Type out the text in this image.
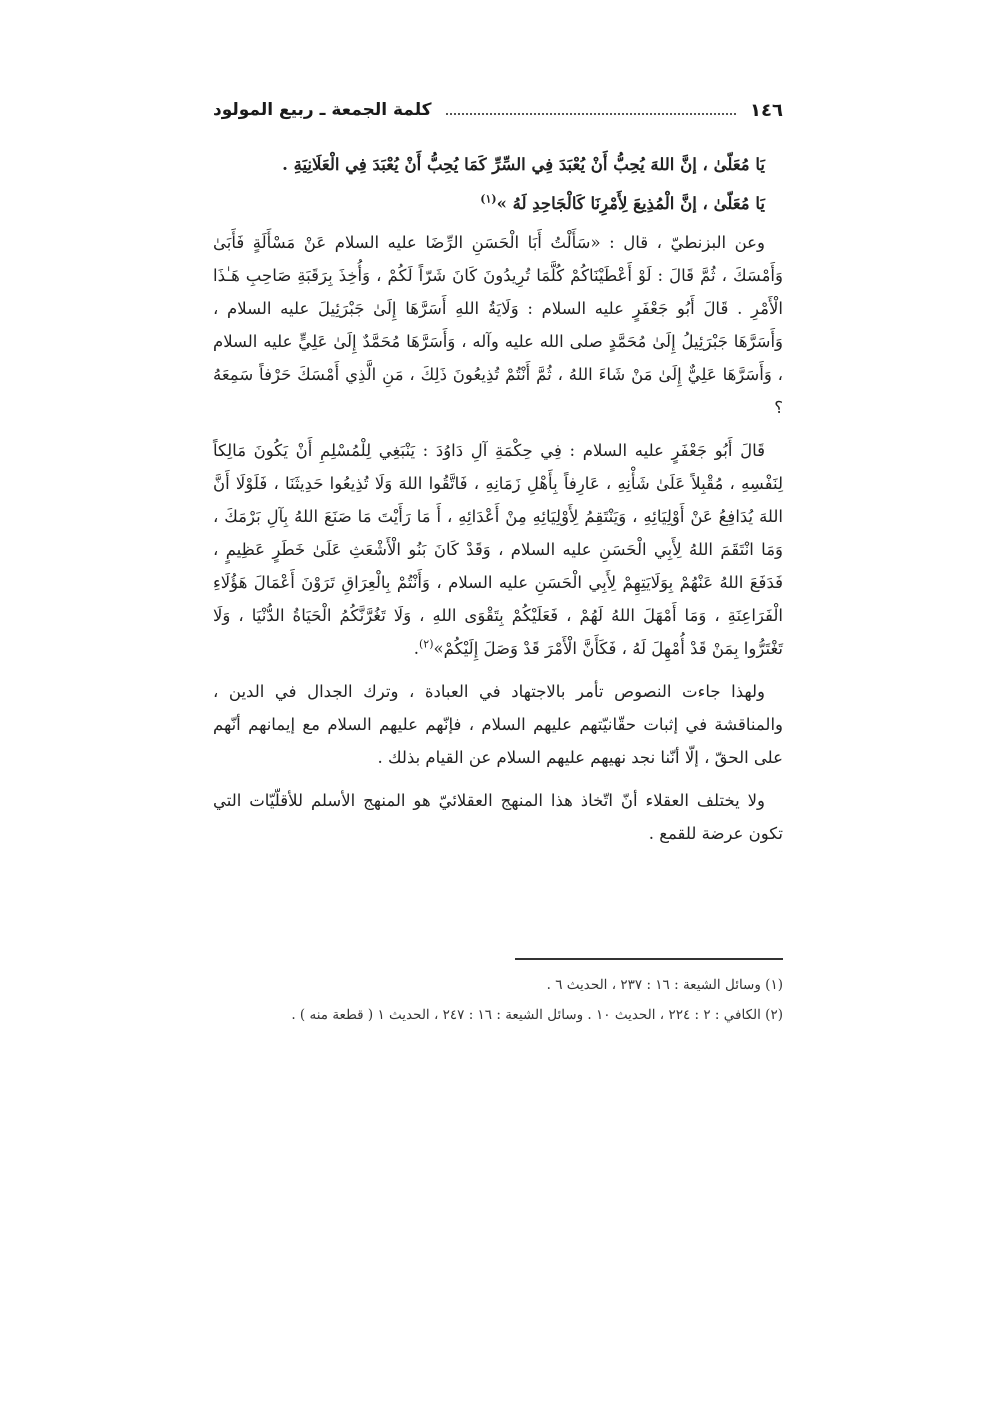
١٤٦
كلمة الجمعة ـ ربيع المولود

يَا مُعَلّىٰ ، إنَّ اللهَ يُحِبُّ أَنْ يُعْبَدَ فِي السِّرِّ كَمَا يُحِبُّ أَنْ يُعْبَدَ فِي الْعَلَانِيَةِ .

يَا مُعَلّىٰ ، إنَّ الْمُذِيعَ لِأَمْرِنَا كَالْجَاحِدِ لَهُ »$^{(١)}$

وعن البزنطيّ ، قال : «سَأَلْتُ أَبَا الْحَسَنِ الرِّضَا عليه السلام عَنْ مَسْأَلَةٍ فَأَبَىٰ وَأَمْسَكَ ، ثُمَّ قَالَ : لَوْ أَعْطَيْنَاكُمْ كُلَّمَا تُرِيدُونَ كَانَ شَرّاً لَكُمْ ، وَأُخِذَ بِرَقَبَةِ صَاحِبِ هَـٰذَا الْأَمْرِ . قَالَ أَبُو جَعْفَرٍ عليه السلام : وَلَايَةُ اللهِ أَسَرَّهَا إِلَىٰ جَبْرَئِيلَ عليه السلام ، وَأَسَرَّهَا جَبْرَئِيلُ إِلَىٰ مُحَمَّدٍ صلى الله عليه وآله ، وَأَسَرَّهَا مُحَمَّدٌ إِلَىٰ عَلِيٍّ عليه السلام ، وَأَسَرَّهَا عَلِيٌّ إِلَىٰ مَنْ شَاءَ اللهُ ، ثُمَّ أَنْتُمْ تُذِيعُونَ ذَلِكَ ، مَنِ الَّذِي أَمْسَكَ حَرْفاً سَمِعَهُ ؟

قَالَ أَبُو جَعْفَرٍ عليه السلام : فِي حِكْمَةِ آلِ دَاوُدَ : يَنْبَغِي لِلْمُسْلِمِ أَنْ يَكُونَ مَالِكاً لِنَفْسِهِ ، مُقْبِلاً عَلَىٰ شَأْنِهِ ، عَارِفاً بِأَهْلِ زَمَانِهِ ، فَاتَّقُوا اللهَ وَلَا تُذِيعُوا حَدِيثَنَا ، فَلَوْلَا أَنَّ اللهَ يُدَافِعُ عَنْ أَوْلِيَائِهِ ، وَيَنْتَقِمُ لِأَوْلِيَائِهِ مِنْ أَعْدَائِهِ ، أَ مَا رَأَيْتَ مَا صَنَعَ اللهُ بِآلِ بَرْمَكَ ، وَمَا انْتَقَمَ اللهُ لِأَبِي الْحَسَنِ عليه السلام ، وَقَدْ كَانَ بَنُو الْأَشْعَثِ عَلَىٰ خَطَرٍ عَظِيمٍ ، فَدَفَعَ اللهُ عَنْهُمْ بِوَلَايَتِهِمْ لِأَبِي الْحَسَنِ عليه السلام ، وَأَنْتُمْ بِالْعِرَاقِ تَرَوْنَ أَعْمَالَ هَؤُلَاءِ الْفَرَاعِنَةِ ، وَمَا أَمْهَلَ اللهُ لَهُمْ ، فَعَلَيْكُمْ بِتَقْوَى اللهِ ، وَلَا تَغُرَّنَّكُمُ الْحَيَاةُ الدُّنْيَا ، وَلَا تَغْتَرُّوا بِمَنْ قَدْ أُمْهِلَ لَهُ ، فَكَأَنَّ الْأَمْرَ قَدْ وَصَلَ إِلَيْكُمْ»$^{(٢)}$.

ولهذا جاءت النصوص تأمر بالاجتهاد في العبادة ، وترك الجدال في الدين ، والمناقشة في إثبات حقّانيّتهم عليهم السلام ، فإنّهم عليهم السلام مع إيمانهم أنّهم على الحقّ ، إلّا أنّنا نجد نهيهم عليهم السلام عن القيام بذلك .

ولا يختلف العقلاء أنّ اتّخاذ هذا المنهج العقلائيّ هو المنهج الأسلم للأقلّيّات التي تكون عرضة للقمع .

(١) وسائل الشيعة : ١٦ : ٢٣٧ ، الحديث ٦ .

(٢) الكافي : ٢ : ٢٢٤ ، الحديث ١٠ . وسائل الشيعة : ١٦ : ٢٤٧ ، الحديث ١ ( قطعة منه ) .
